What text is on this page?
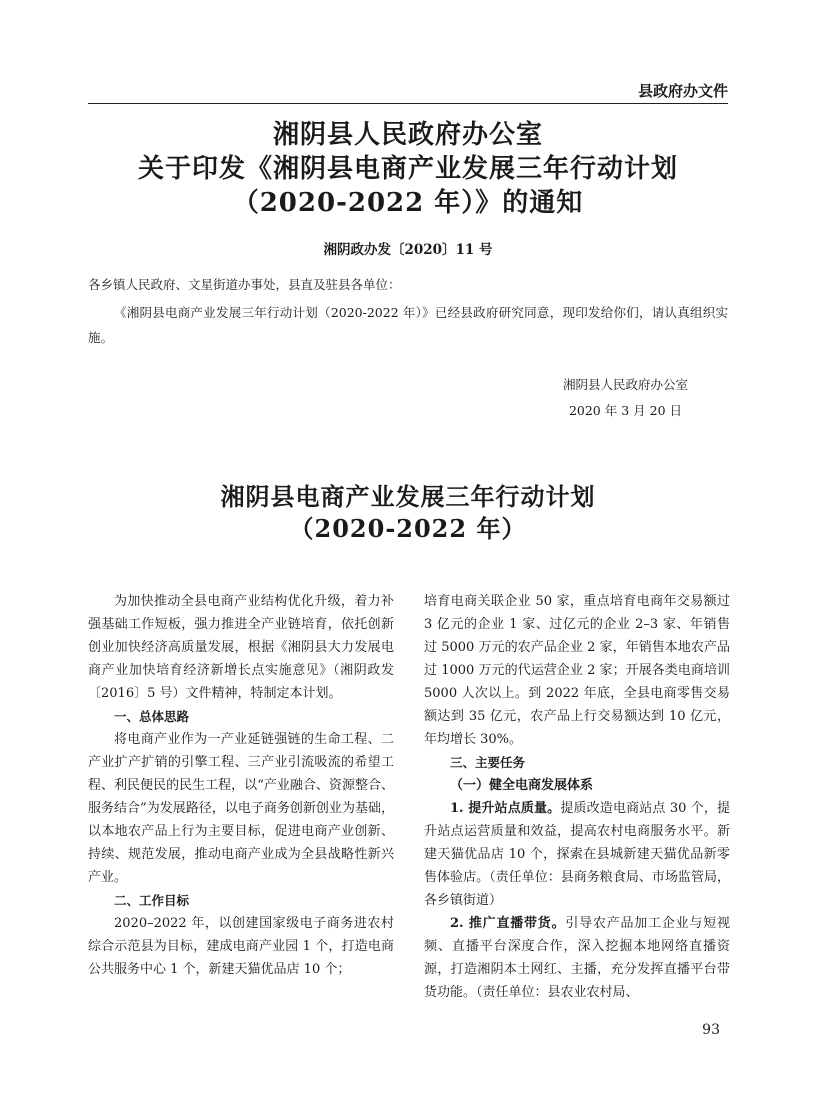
县政府办文件
湘阴县人民政府办公室
关于印发《湘阴县电商产业发展三年行动计划
（2020-2022 年）》的通知
湘阴政办发〔2020〕11 号
各乡镇人民政府、文星街道办事处，县直及驻县各单位：
《湘阴县电商产业发展三年行动计划（2020-2022 年）》已经县政府研究同意，现印发给你们，请认真组织实施。
湘阴县人民政府办公室
2020 年 3 月 20 日
湘阴县电商产业发展三年行动计划
（2020-2022 年）

为加快推动全县电商产业结构优化升级，着力补强基础工作短板，强力推进全产业链培育，依托创新创业加快经济高质量发展，根据《湘阴县大力发展电商产业加快培育经济新增长点实施意见》（湘阴政发〔2016〕5 号）文件精神，特制定本计划。

一、总体思路

将电商产业作为一产业延链强链的生命工程、二产业扩产扩销的引擎工程、三产业引流吸流的希望工程、利民便民的民生工程，以“产业融合、资源整合、服务结合”为发展路径，以电子商务创新创业为基础，以本地农产品上行为主要目标，促进电商产业创新、持续、规范发展，推动电商产业成为全县战略性新兴产业。

二、工作目标

2020–2022 年，以创建国家级电子商务进农村综合示范县为目标，建成电商产业园 1 个，打造电商公共服务中心 1 个，新建天猫优品店 10 个；

培育电商关联企业 50 家，重点培育电商年交易额过 3 亿元的企业 1 家、过亿元的企业 2–3 家、年销售过 5000 万元的农产品企业 2 家，年销售本地农产品过 1000 万元的代运营企业 2 家；开展各类电商培训 5000 人次以上。到 2022 年底，全县电商零售交易额达到 35 亿元，农产品上行交易额达到 10 亿元，年均增长 30%。

三、主要任务

（一）健全电商发展体系

1. 提升站点质量。提质改造电商站点 30 个，提升站点运营质量和效益，提高农村电商服务水平。新建天猫优品店 10 个，探索在县城新建天猫优品新零售体验店。（责任单位：县商务粮食局、市场监管局，各乡镇街道）

2. 推广直播带货。引导农产品加工企业与短视频、直播平台深度合作，深入挖掘本地网络直播资源，打造湘阴本土网红、主播，充分发挥直播平台带货功能。（责任单位：县农业农村局、

93
